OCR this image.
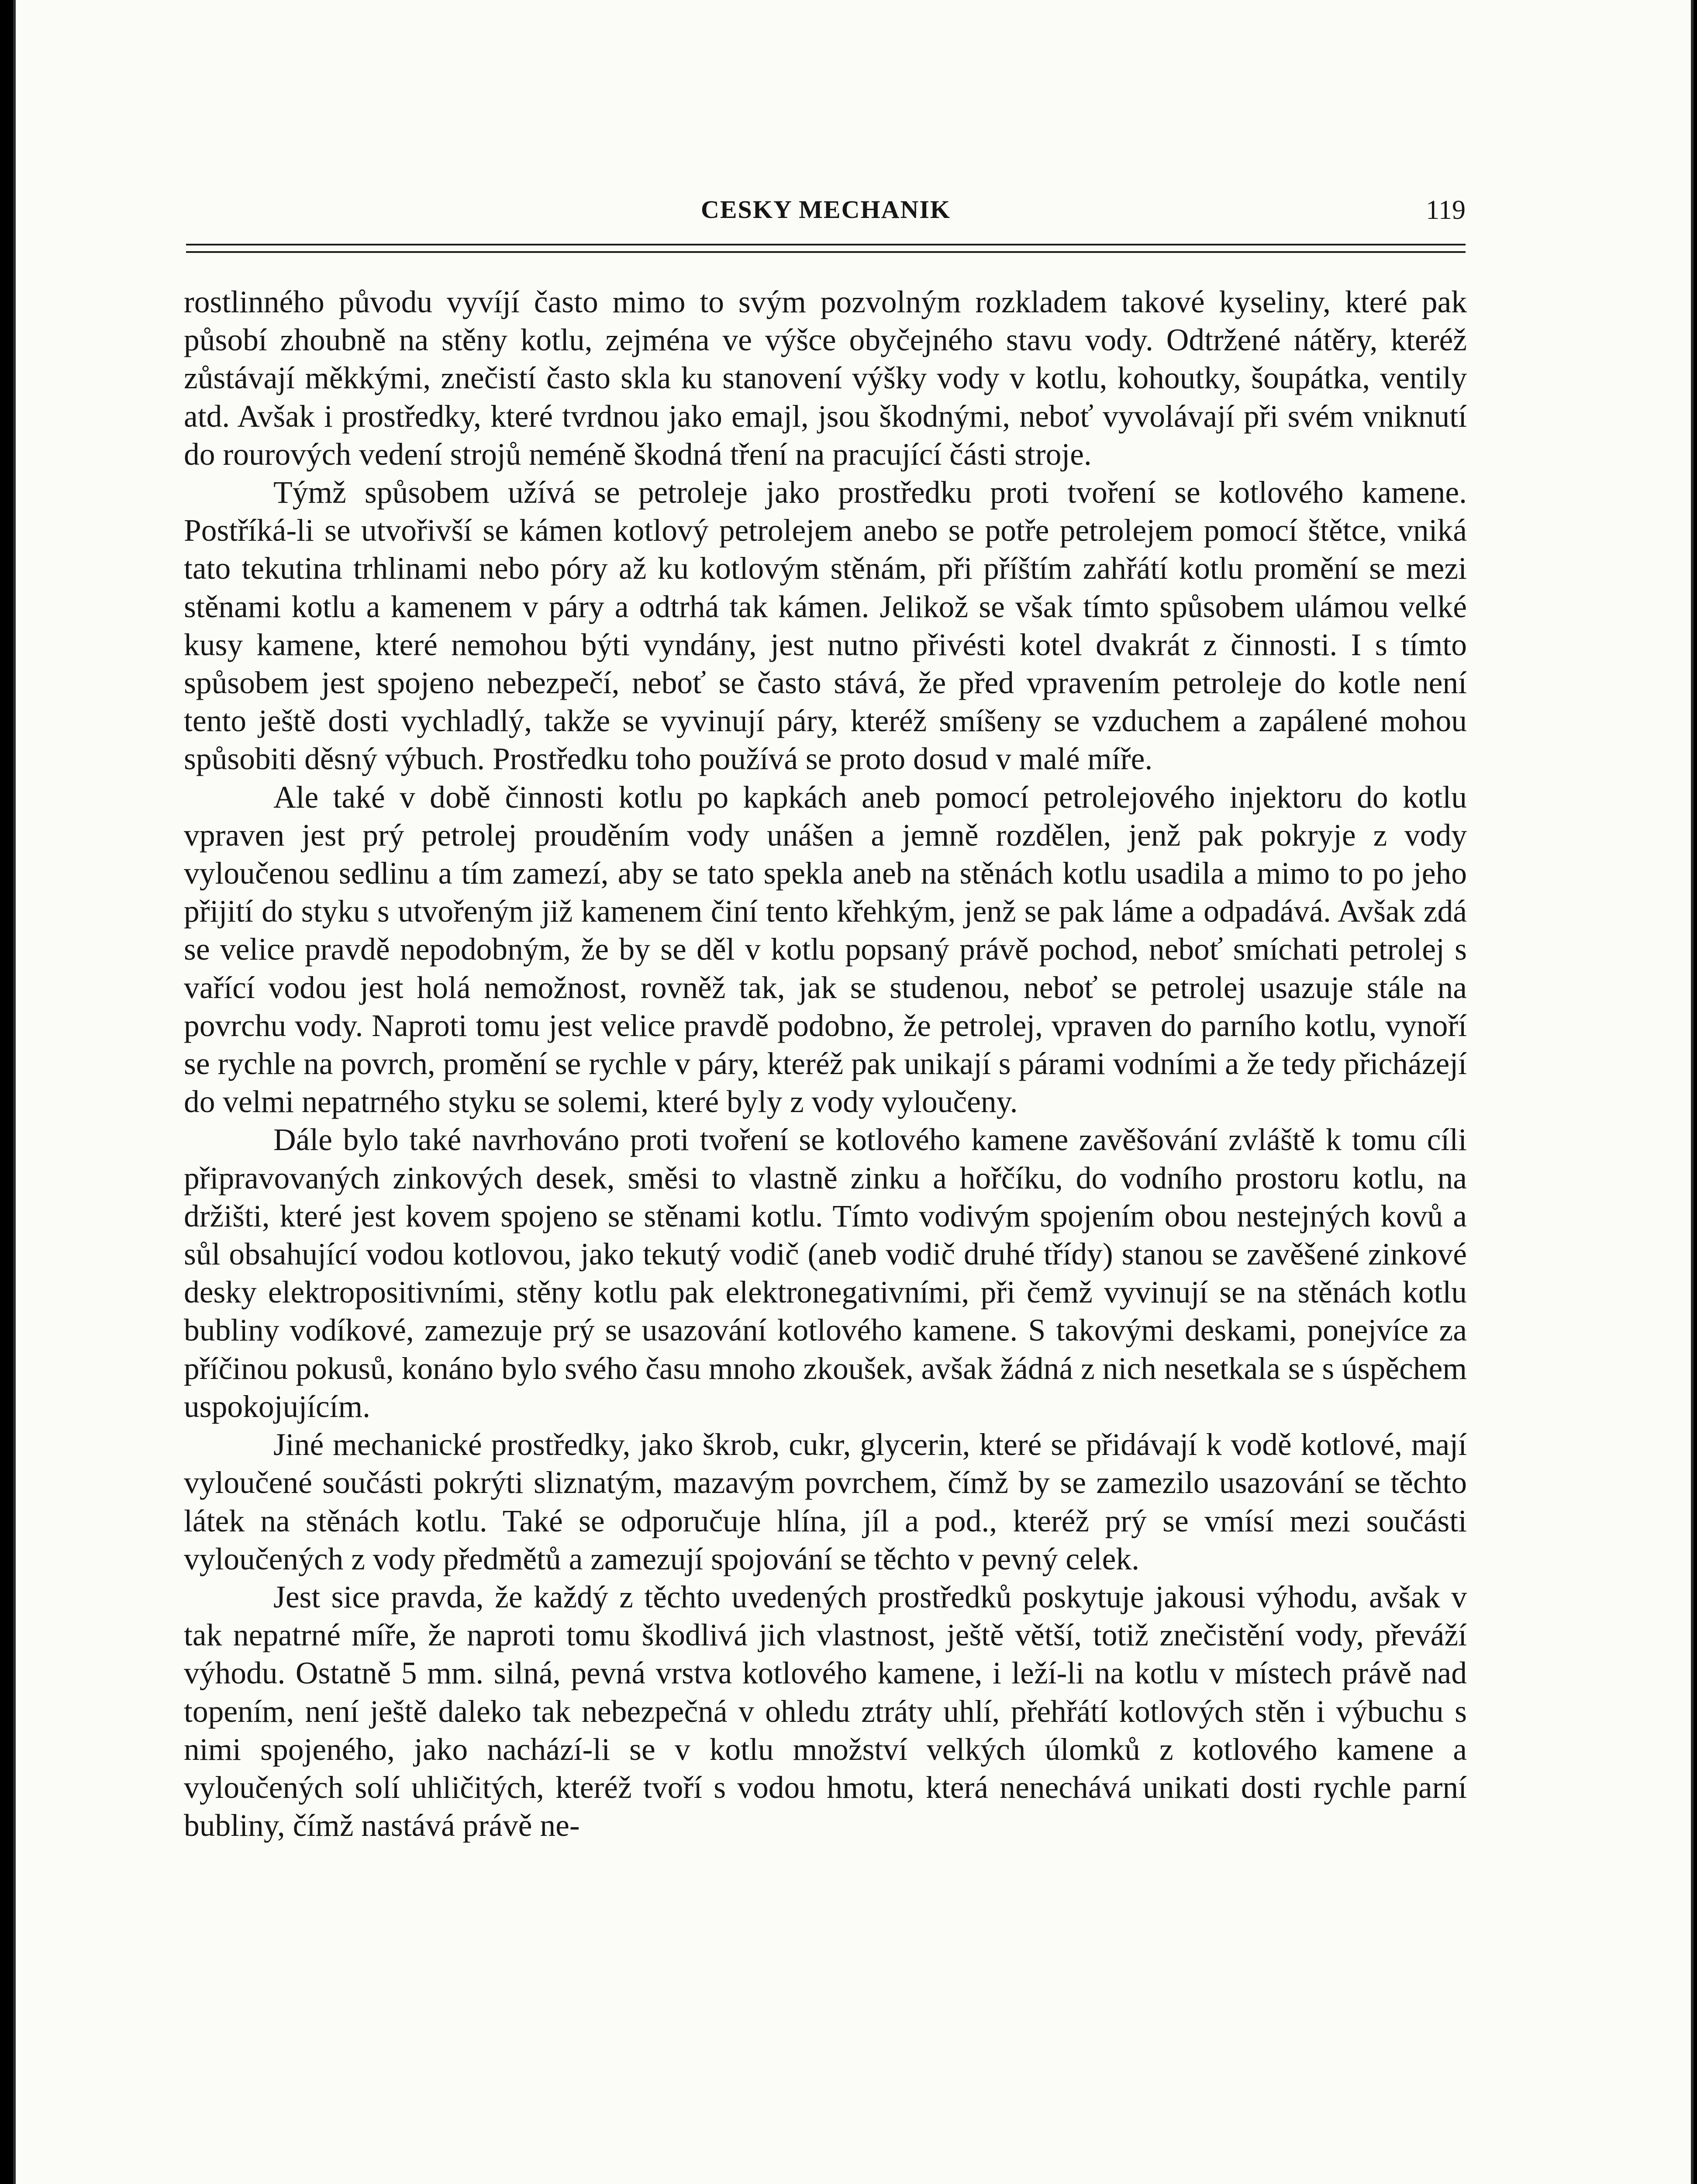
CESKY MECHANIK	119

rostlinného původu vyvíjí často mimo to svým pozvolným rozkladem takové kyseliny, které pak působí zhoubně na stěny kotlu, zejména ve výšce obyčejného stavu vody. Odtržené nátěry, kteréž zůstávají měkkými, znečistí často skla ku stanovení výšky vody v kotlu, kohoutky, šoupátka, ventily atd. Avšak i prostředky, které tvrdnou jako emajl, jsou škodnými, neboť vyvolávají při svém vniknutí do rourových vedení strojů neméně škodná tření na pracující části stroje.

Týmž spůsobem užívá se petroleje jako prostředku proti tvoření se kotlového kamene. Postříká-li se utvořivší se kámen kotlový petrolejem anebo se potře petrolejem pomocí štětce, vniká tato tekutina trhlinami nebo póry až ku kotlovým stěnám, při příštím zahřátí kotlu promění se mezi stěnami kotlu a kamenem v páry a odtrhá tak kámen. Jelikož se však tímto spůsobem ulámou velké kusy kamene, které nemohou býti vyndány, jest nutno přivésti kotel dvakrát z činnosti. I s tímto spůsobem jest spojeno nebezpečí, neboť se často stává, že před vpravením petroleje do kotle není tento ještě dosti vychladlý, takže se vyvinují páry, kteréž smíšeny se vzduchem a zapálené mohou spůsobiti děsný výbuch. Prostředku toho používá se proto dosud v malé míře.

Ale také v době činnosti kotlu po kapkách aneb pomocí petrolejového injektoru do kotlu vpraven jest prý petrolej prouděním vody unášen a jemně rozdělen, jenž pak pokryje z vody vyloučenou sedlinu a tím zamezí, aby se tato spekla aneb na stěnách kotlu usadila a mimo to po jeho přijití do styku s utvořeným již kamenem činí tento křehkým, jenž se pak láme a odpadává. Avšak zdá se velice pravdě nepodobným, že by se děl v kotlu popsaný právě pochod, neboť smíchati petrolej s vařící vodou jest holá nemožnost, rovněž tak, jak se studenou, neboť se petrolej usazuje stále na povrchu vody. Naproti tomu jest velice pravdě podobno, že petrolej, vpraven do parního kotlu, vynoří se rychle na povrch, promění se rychle v páry, kteréž pak unikají s párami vodními a že tedy přicházejí do velmi nepatrného styku se solemi, které byly z vody vyloučeny.

Dále bylo také navrhováno proti tvoření se kotlového kamene zavěšování zvláště k tomu cíli připravovaných zinkových desek, směsi to vlastně zinku a hořčíku, do vodního prostoru kotlu, na držišti, které jest kovem spojeno se stěnami kotlu. Tímto vodivým spojením obou nestejných kovů a sůl obsahující vodou kotlovou, jako tekutý vodič (aneb vodič druhé třídy) stanou se zavěšené zinkové desky elektropositivními, stěny kotlu pak elektronegativními, při čemž vyvinují se na stěnách kotlu bubliny vodíkové, zamezuje prý se usazování kotlového kamene. S takovými deskami, ponejvíce za příčinou pokusů, konáno bylo svého času mnoho zkoušek, avšak žádná z nich nesetkala se s úspěchem uspokojujícím.

Jiné mechanické prostředky, jako škrob, cukr, glycerin, které se přidávají k vodě kotlové, mají vyloučené součásti pokrýti sliznatým, mazavým povrchem, čímž by se zamezilo usazování se těchto látek na stěnách kotlu. Také se odporučuje hlína, jíl a pod., kteréž prý se vmísí mezi součásti vyloučených z vody předmětů a zamezují spojování se těchto v pevný celek.

Jest sice pravda, že každý z těchto uvedených prostředků poskytuje jakousi výhodu, avšak v tak nepatrné míře, že naproti tomu škodlivá jich vlastnost, ještě větší, totiž znečistění vody, převáží výhodu. Ostatně 5 mm. silná, pevná vrstva kotlového kamene, i leží-li na kotlu v místech právě nad topením, není ještě daleko tak nebezpečná v ohledu ztráty uhlí, přehřátí kotlových stěn i výbuchu s nimi spojeného, jako nachází-li se v kotlu množství velkých úlomků z kotlového kamene a vyloučených solí uhličitých, kteréž tvoří s vodou hmotu, která nenechává unikati dosti rychle parní bubliny, čímž nastává právě ne-
